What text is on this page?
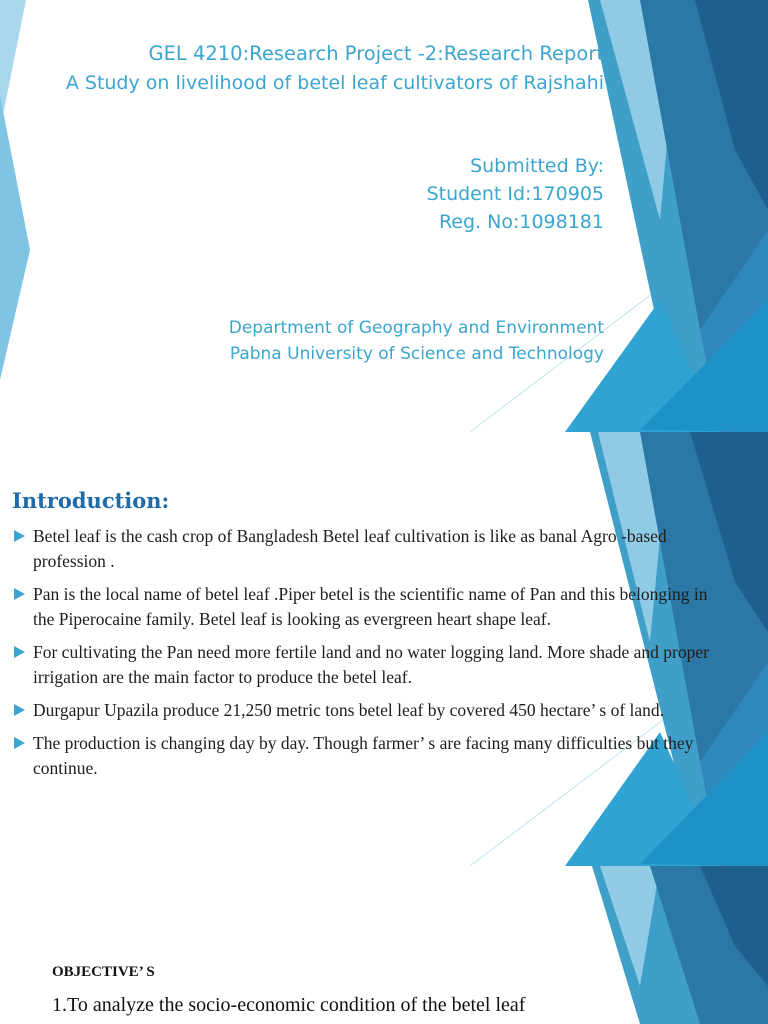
GEL 4210:Research Project -2:Research Report
A Study on livelihood of betel leaf cultivators of Rajshahi
Submitted By:
Student Id:170905
Reg. No:1098181
Department of Geography and Environment
Pabna University of Science and Technology
Introduction:
Betel leaf is the cash crop of Bangladesh Betel leaf cultivation is like as banal Agro -based profession .
Pan is the local name of betel leaf .Piper betel is the scientific name of Pan and this belonging in the Piperocaine family. Betel leaf is looking as evergreen heart shape leaf.
For cultivating the Pan need more fertile land and no water logging land. More shade and proper irrigation are the main factor to produce the betel leaf.
Durgapur Upazila produce 21,250 metric tons betel leaf by covered 450 hectare’ s of land.
The production is changing day by day. Though farmer’ s are facing many difficulties but they continue.
OBJECTIVE’ S

1.To analyze the socio-economic condition of the betel leaf
